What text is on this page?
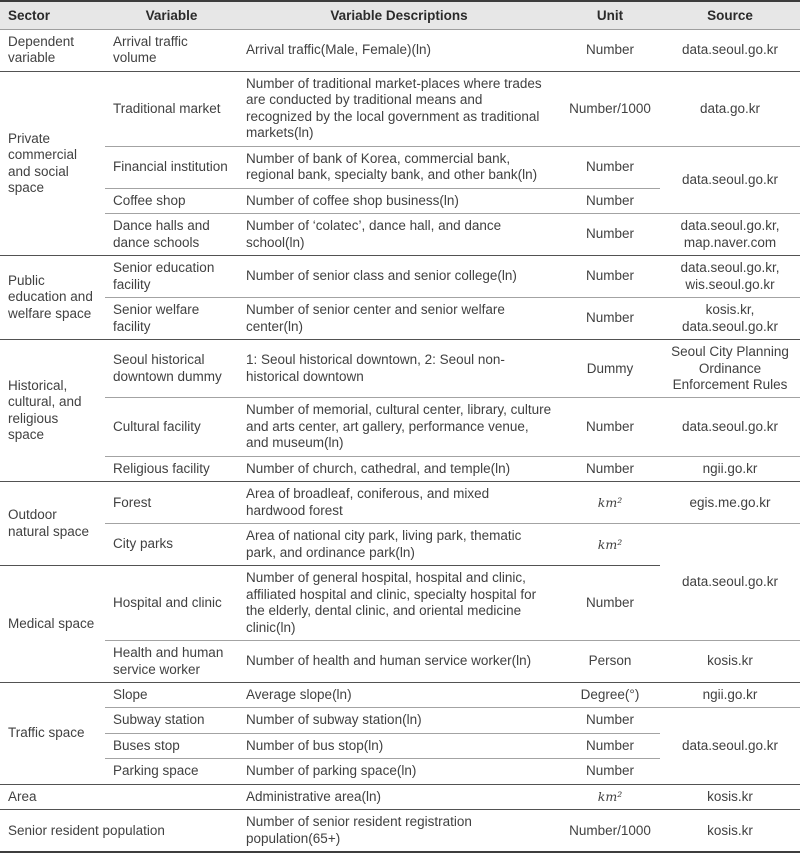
Sector	Variable	Variable Descriptions	Unit	Source
Dependent variable	Arrival traffic volume	Arrival traffic(Male, Female)(ln)	Number	data.seoul.go.kr
Private commercial and social space	Traditional market	Number of traditional market-places where trades are conducted by traditional means and recognized by the local government as traditional markets(ln)	Number/1000	data.go.kr
	Financial institution	Number of bank of Korea, commercial bank, regional bank, specialty bank, and other bank(ln)	Number	data.seoul.go.kr
	Coffee shop	Number of coffee shop business(ln)	Number	
	Dance halls and dance schools	Number of ‘colatec’, dance hall, and dance school(ln)	Number	data.seoul.go.kr, map.naver.com
Public education and welfare space	Senior education facility	Number of senior class and senior college(ln)	Number	data.seoul.go.kr, wis.seoul.go.kr
	Senior welfare facility	Number of senior center and senior welfare center(ln)	Number	kosis.kr, data.seoul.go.kr
Historical, cultural, and religious space	Seoul historical downtown dummy	1: Seoul historical downtown, 2: Seoul non-historical downtown	Dummy	Seoul City Planning Ordinance Enforcement Rules
	Cultural facility	Number of memorial, cultural center, library, culture and arts center, art gallery, performance venue, and museum(ln)	Number	data.seoul.go.kr
	Religious facility	Number of church, cathedral, and temple(ln)	Number	ngii.go.kr
Outdoor natural space	Forest	Area of broadleaf, coniferous, and mixed hardwood forest	km²	egis.me.go.kr
	City parks	Area of national city park, living park, thematic park, and ordinance park(ln)	km²	data.seoul.go.kr
Medical space	Hospital and clinic	Number of general hospital, hospital and clinic, affiliated hospital and clinic, specialty hospital for the elderly, dental clinic, and oriental medicine clinic(ln)	Number	
	Health and human service worker	Number of health and human service worker(ln)	Person	kosis.kr
Traffic space	Slope	Average slope(ln)	Degree(°)	ngii.go.kr
	Subway station	Number of subway station(ln)	Number	data.seoul.go.kr
	Buses stop	Number of bus stop(ln)	Number	
	Parking space	Number of parking space(ln)	Number	
Area		Administrative area(ln)	km²	kosis.kr
Senior resident population		Number of senior resident registration population(65+)	Number/1000	kosis.kr
